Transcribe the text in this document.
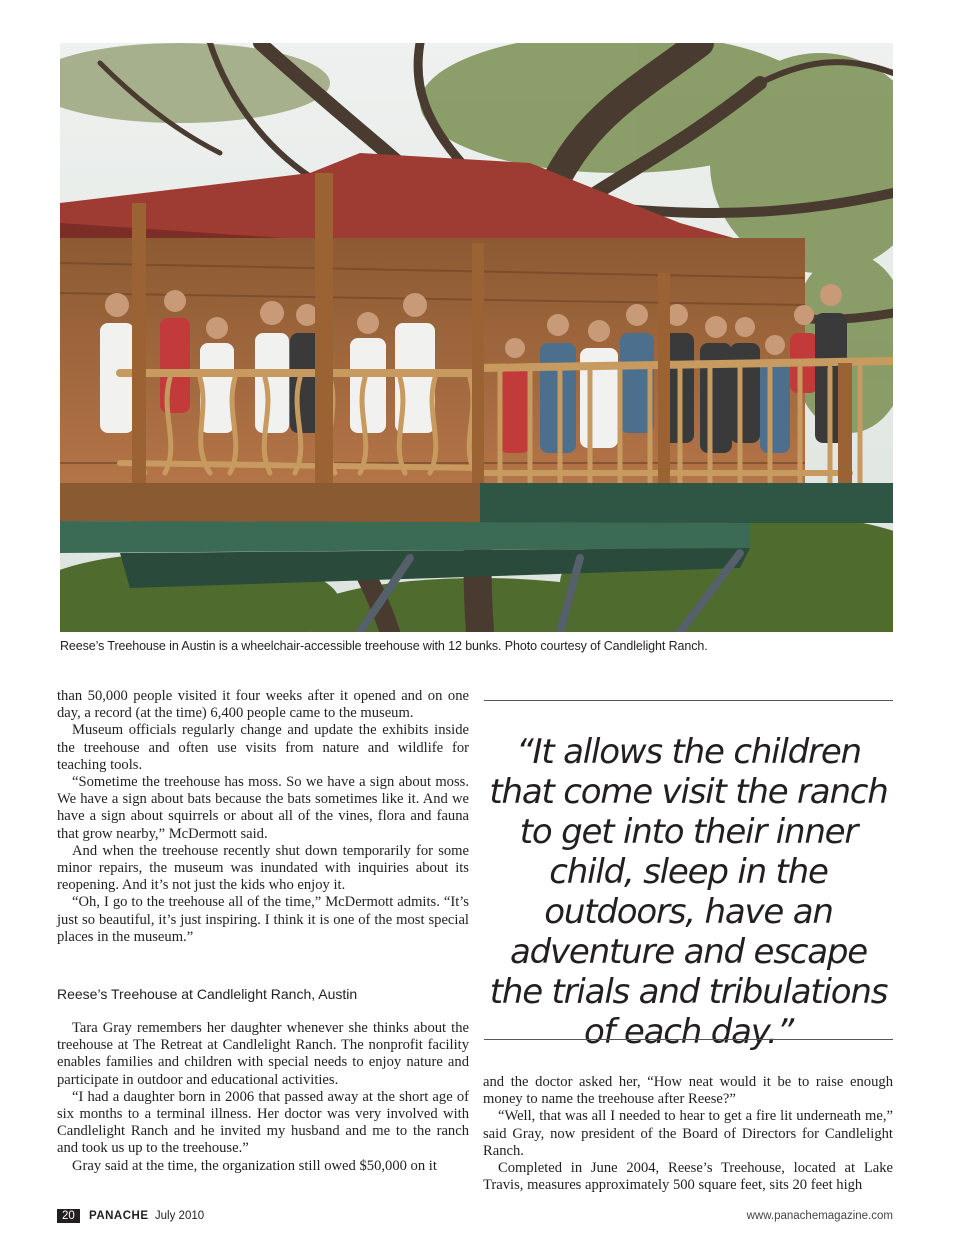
Reese’s Treehouse in Austin is a wheelchair-accessible treehouse with 12 bunks. Photo courtesy of Candlelight Ranch.

than 50,000 people visited it four weeks after it opened and on one day, a record (at the time) 6,400 people came to the museum.

Museum officials regularly change and update the exhibits inside the treehouse and often use visits from nature and wildlife for teaching tools.

“Sometime the treehouse has moss. So we have a sign about moss. We have a sign about bats because the bats sometimes like it. And we have a sign about squirrels or about all of the vines, flora and fauna that grow nearby,” McDermott said.

And when the treehouse recently shut down temporarily for some minor repairs, the museum was inundated with inquiries about its reopening. And it’s not just the kids who enjoy it.

“Oh, I go to the treehouse all of the time,” McDermott admits. “It’s just so beautiful, it’s just inspiring. I think it is one of the most special places in the museum.”

Reese’s Treehouse at Candlelight Ranch, Austin

Tara Gray remembers her daughter whenever she thinks about the treehouse at The Retreat at Candlelight Ranch. The nonprofit facility enables families and children with special needs to enjoy nature and participate in outdoor and educational activities.

“I had a daughter born in 2006 that passed away at the short age of six months to a terminal illness. Her doctor was very involved with Candlelight Ranch and he invited my husband and me to the ranch and took us up to the treehouse.”

Gray said at the time, the organization still owed $50,000 on it

“It allows the children that come visit the ranch to get into their inner child, sleep in the outdoors, have an adventure and escape the trials and tribulations of each day.”

and the doctor asked her, “How neat would it be to raise enough money to name the treehouse after Reese?”

“Well, that was all I needed to hear to get a fire lit underneath me,” said Gray, now president of the Board of Directors for Candlelight Ranch.

Completed in June 2004, Reese’s Treehouse, located at Lake Travis, measures approximately 500 square feet, sits 20 feet high

20	PANACHE July 2010	www.panachemagazine.com
